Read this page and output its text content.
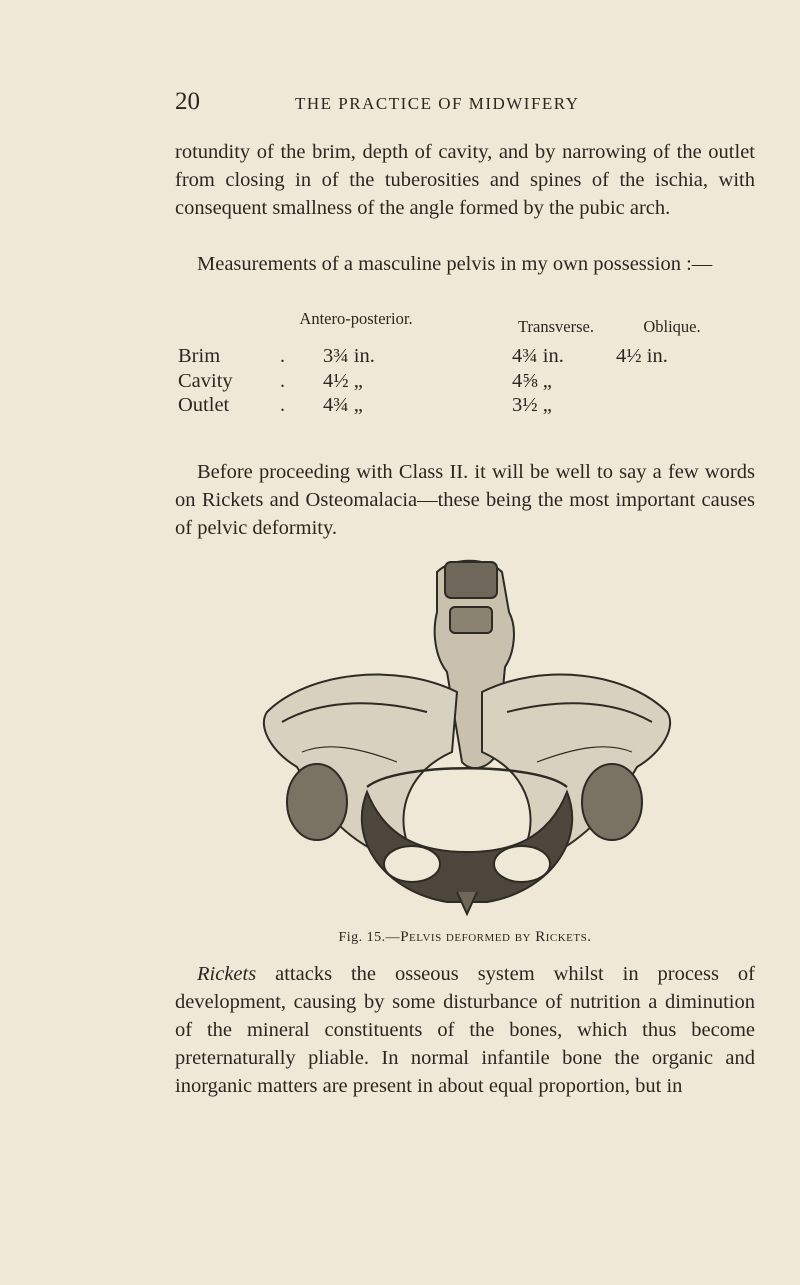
20	THE PRACTICE OF MIDWIFERY

rotundity of the brim, depth of cavity, and by narrowing of the outlet from closing in of the tuberosities and spines of the ischia, with consequent smallness of the angle formed by the pubic arch.

Measurements of a masculine pelvis in my own possession :—

Antero-posterior.	Transverse.	Oblique.
Brim	. 3¾ in.	4¾ in.	4½ in.
Cavity . 4½ „	4⅝ „
Outlet	. 4¾ „	3½ „

Before proceeding with Class II. it will be well to say a few words on Rickets and Osteomalacia—these being the most important causes of pelvic deformity.

Fig. 15.—Pelvis deformed by Rickets.

Rickets attacks the osseous system whilst in process of development, causing by some disturbance of nutrition a diminution of the mineral constituents of the bones, which thus become preternaturally pliable. In normal infantile bone the organic and inorganic matters are present in about equal proportion, but in
